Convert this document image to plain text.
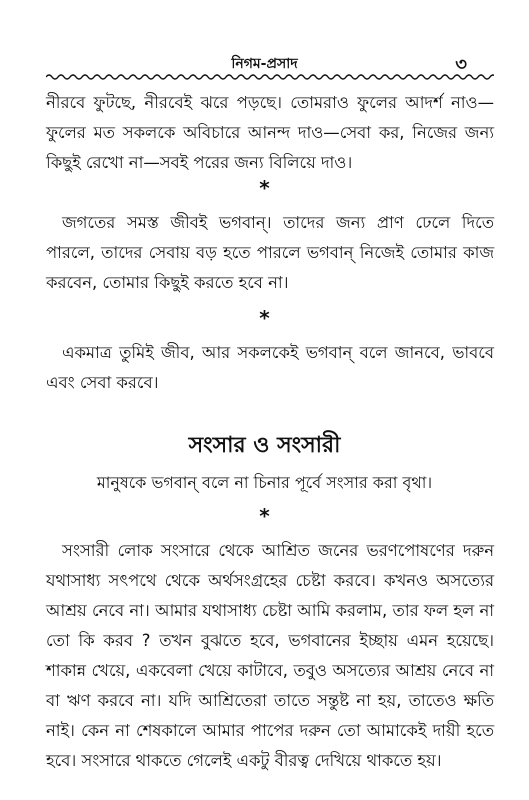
নিগম-প্রসাদ	৩

নীরবে ফুটছে, নীরবেই ঝরে পড়ছে। তোমরাও ফুলের আদর্শ নাও—ফুলের মত সকলকে অবিচারে আনন্দ দাও—সেবা কর, নিজের জন্য কিছুই রেখো না—সবই পরের জন্য বিলিয়ে দাও।

*

জগতের সমস্ত জীবই ভগবান্। তাদের জন্য প্রাণ ঢেলে দিতে পারলে, তাদের সেবায় বড় হতে পারলে ভগবান্ নিজেই তোমার কাজ করবেন, তোমার কিছুই করতে হবে না।

*

একমাত্র তুমিই জীব, আর সকলকেই ভগবান্ বলে জানবে, ভাববে এবং সেবা করবে।

সংসার ও সংসারী
মানুষকে ভগবান্ বলে না চিনার পূর্বে সংসার করা বৃথা।
*

সংসারী লোক সংসারে থেকে আশ্রিত জনের ভরণপোষণের দরুন যথাসাধ্য সৎপথে থেকে অর্থসংগ্রহের চেষ্টা করবে। কখনও অসত্যের আশ্রয় নেবে না। আমার যথাসাধ্য চেষ্টা আমি করলাম, তার ফল হল না তো কি করব ? তখন বুঝতে হবে, ভগবানের ইচ্ছায় এমন হয়েছে। শাকান্ন খেয়ে, একবেলা খেয়ে কাটাবে, তবুও অসত্যের আশ্রয় নেবে না বা ঋণ করবে না। যদি আশ্রিতেরা তাতে সন্তুষ্ট না হয়, তাতেও ক্ষতি নাই। কেন না শেষকালে আমার পাপের দরুন তো আমাকেই দায়ী হতে হবে। সংসারে থাকতে গেলেই একটু বীরত্ব দেখিয়ে থাকতে হয়।
